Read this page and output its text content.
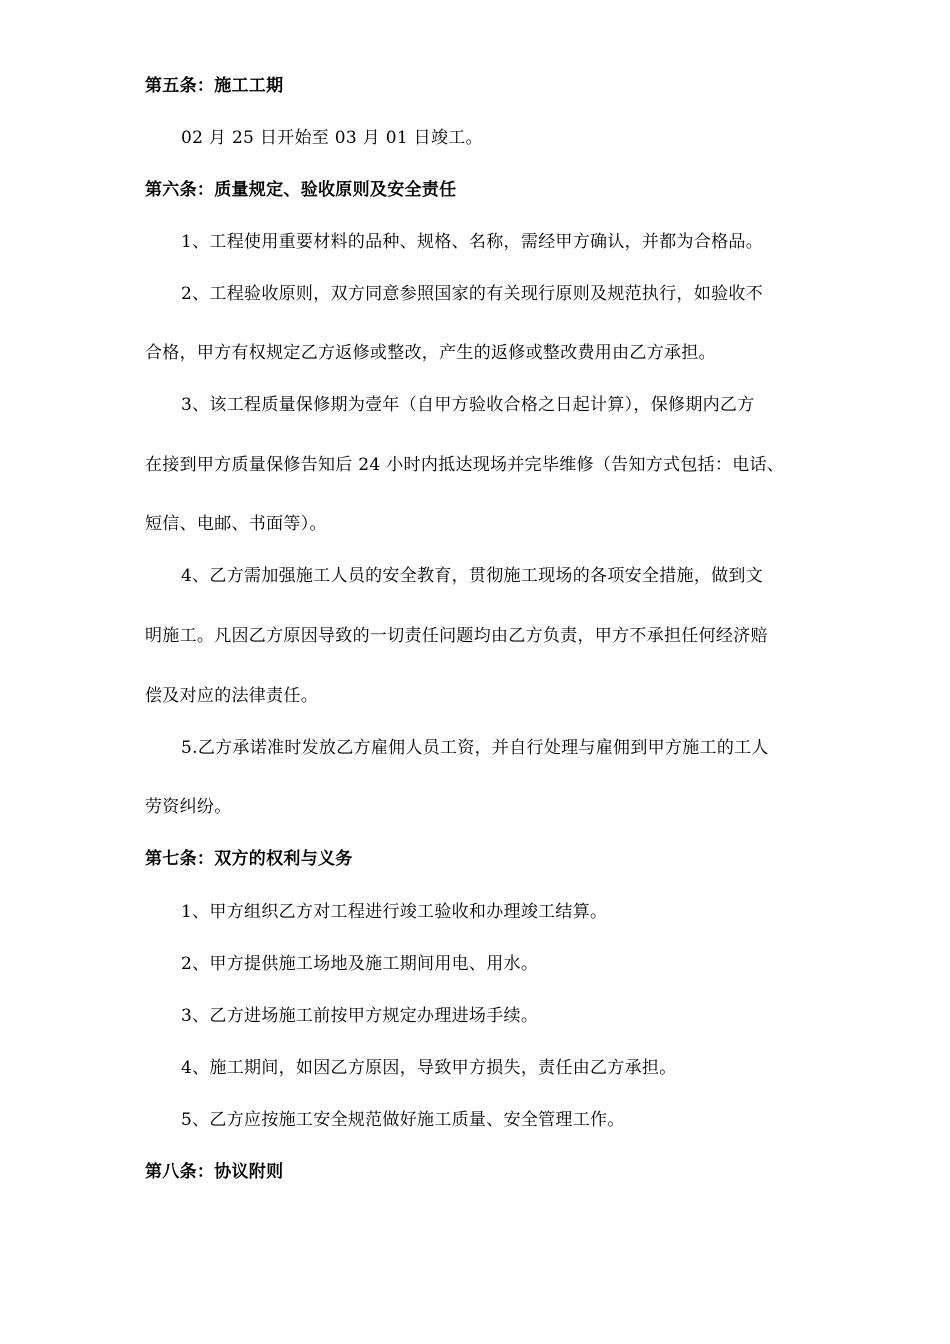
第五条：施工工期
02 月 25 日开始至 03 月 01 日竣工。
第六条：质量规定、验收原则及安全责任
1、工程使用重要材料的品种、规格、名称，需经甲方确认，并都为合格品。
2、工程验收原则，双方同意参照国家的有关现行原则及规范执行，如验收不
合格，甲方有权规定乙方返修或整改，产生的返修或整改费用由乙方承担。
3、该工程质量保修期为壹年（自甲方验收合格之日起计算），保修期内乙方
在接到甲方质量保修告知后 24 小时内抵达现场并完毕维修（告知方式包括：电话、
短信、电邮、书面等）。
4、乙方需加强施工人员的安全教育，贯彻施工现场的各项安全措施，做到文
明施工。凡因乙方原因导致的一切责任问题均由乙方负责，甲方不承担任何经济赔
偿及对应的法律责任。
5.乙方承诺准时发放乙方雇佣人员工资，并自行处理与雇佣到甲方施工的工人
劳资纠纷。
第七条：双方的权利与义务
1、甲方组织乙方对工程进行竣工验收和办理竣工结算。
2、甲方提供施工场地及施工期间用电、用水。
3、乙方进场施工前按甲方规定办理进场手续。
4、施工期间，如因乙方原因，导致甲方损失，责任由乙方承担。
5、乙方应按施工安全规范做好施工质量、安全管理工作。
第八条：协议附则
